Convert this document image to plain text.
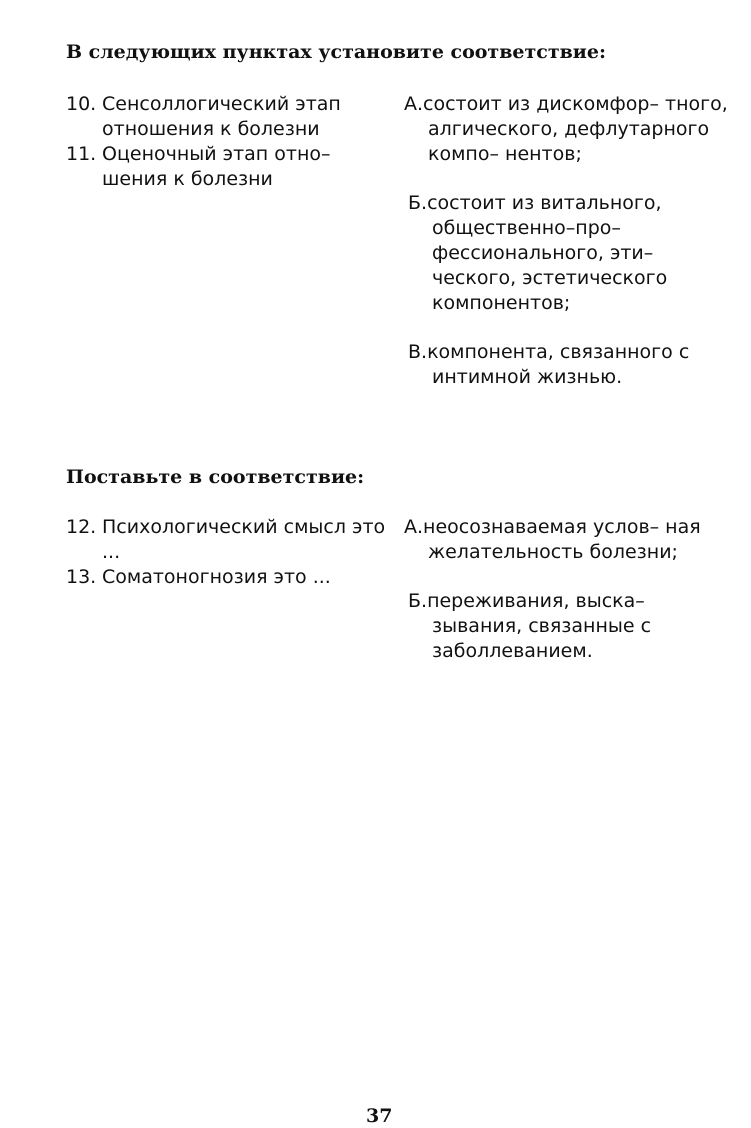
В следующих пунктах установите соответствие:

10. Сенсоллогический этап отношения к болезни

11. Оценочный этап отно– шения к болезни

А.состоит из дискомфор– тного, алгического, дефлутарного компо– нентов;

Б.состоит из витального, общественно–про– фессионального, эти– ческого, эстетического компонентов;

В.компонента, связанного с интимной жизнью.

Поставьте в соответствие:

12. Психологический смысл это ...

13. Соматоногнозия это ...

А.неосознаваемая услов– ная желательность болезни;

Б.переживания, выска– зывания, связанные с заболлеванием.

37
